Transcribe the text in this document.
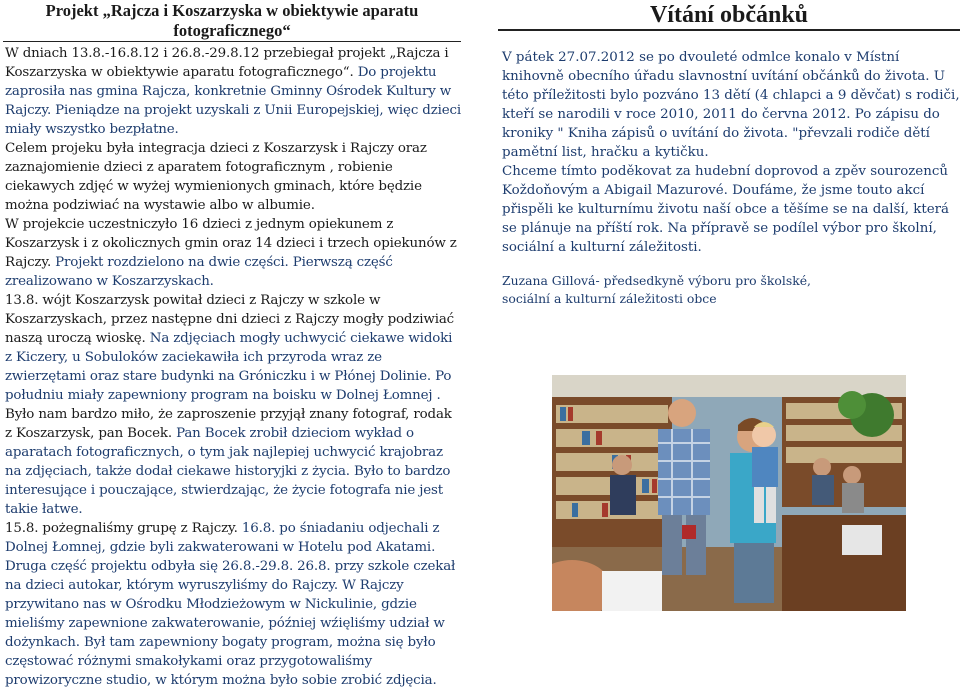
Projekt „Rajcza i Koszarzyska w obiektywie aparatu fotograficznego“

W dniach 13.8.-16.8.12 i 26.8.-29.8.12 przebiegał projekt „Rajcza i Koszarzyska w obiektywie aparatu fotograficznego“. Do projektu zaprosiła nas gmina Rajcza, konkretnie Gminny Ośrodek Kultury w Rajczy. Pieniądze na projekt uzyskali z Unii Europejskiej, więc dzieci miały wszystko bezpłatne.

Celem projeku była integracja dzieci z Koszarzysk i Rajczy oraz zaznajomienie dzieci z aparatem fotograficznym , robienie ciekawych zdjęć w wyżej wymienionych gminach, które będzie można podziwiać na wystawie albo w albumie.

W projekcie uczestniczyło 16 dzieci z jednym opiekunem z Koszarzysk i z okolicznych gmin oraz 14 dzieci i trzech opiekunów z Rajczy. Projekt rozdzielono na dwie części. Pierwszą część zrealizowano w Koszarzyskach.

13.8. wójt Koszarzysk powitał dzieci z Rajczy w szkole w Koszarzyskach, przez następne dni dzieci z Rajczy mogły podziwiać naszą uroczą wioskę. Na zdjęciach mogły uchwycić ciekawe widoki z Kiczery, u Sobuloków zaciekawiła ich przyroda wraz ze zwierzętami oraz stare budynki na Gróniczku i w Płónej Dolinie. Po południu miały zapewniony program na boisku w Dolnej Łomnej .

Było nam bardzo miło, że zaproszenie przyjął znany fotograf, rodak z Koszarzysk, pan Bocek. Pan Bocek zrobił dzieciom wykład o aparatach fotograficznych, o tym jak najlepiej uchwycić krajobraz na zdjęciach, także dodał ciekawe historyjki z życia. Było to bardzo interesujące i pouczające, stwierdzając, że życie fotografa nie jest takie łatwe.

15.8. pożegnaliśmy grupę z Rajczy. 16.8. po śniadaniu odjechali z Dolnej Łomnej, gdzie byli zakwaterowani w Hotelu pod Akatami. Druga część projektu odbyła się 26.8.-29.8. 26.8. przy szkole czekał na dzieci autokar, którym wyruszyliśmy do Rajczy. W Rajczy przywitano nas w Ośrodku Młodzieżowym w Nickulinie, gdzie mieliśmy zapewnione zakwaterowanie, później wźięliśmy udział w dożynkach. Był tam zapewniony bogaty program, można się było częstować różnymi smakołykami oraz przygotowaliśmy prowizoryczne studio, w którym można było sobie zrobić zdjęcia.

Vítání občánků

V pátek 27.07.2012 se po dvouleté odmlce konalo v Místní knihovně obecního úřadu slavnostní uvítání občánků do života. U této příležitosti bylo pozváno 13 dětí (4 chlapci a 9 děvčat) s rodiči, kteří se narodili v roce 2010, 2011 do června 2012. Po zápisu do kroniky " Kniha zápisů o uvítání do života. "převzali rodiče dětí pamětní list, hračku a kytičku.

Chceme tímto poděkovat za hudební doprovod a zpěv sourozenců Koždoňovým a Abigail Mazurové. Doufáme, že jsme touto akcí přispěli ke kulturnímu životu naší obce a těšíme se na další, která se plánuje na příští rok. Na přípravě se podílel výbor pro školní, sociální a kulturní záležitosti.

Zuzana Gillová- předsedkyně výboru pro školské,
sociální a kulturní záležitosti obce
